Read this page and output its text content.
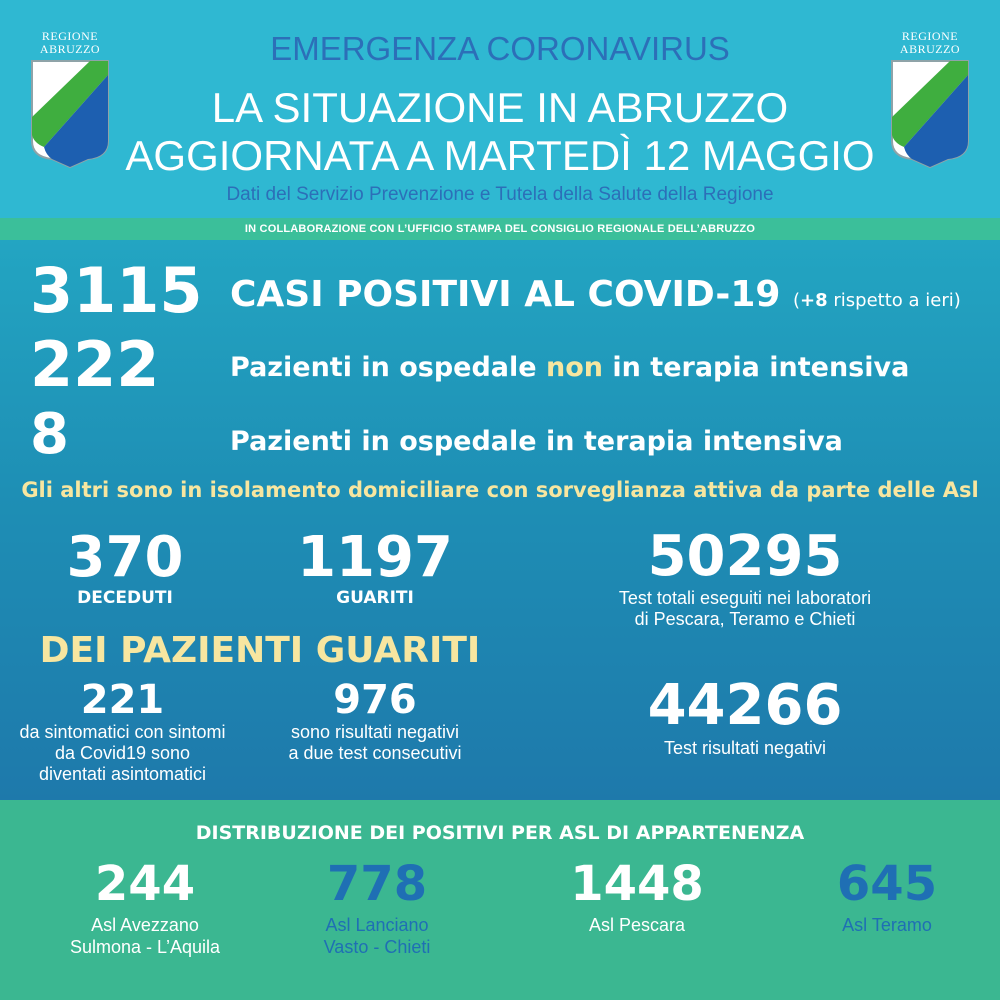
REGIONE
ABRUZZO
REGIONE
ABRUZZO
EMERGENZA CORONAVIRUS
LA SITUAZIONE IN ABRUZZO
AGGIORNATA A MARTEDÌ 12 MAGGIO
Dati del Servizio Prevenzione e Tutela della Salute della Regione
IN COLLABORAZIONE CON L’UFFICIO STAMPA DEL CONSIGLIO REGIONALE DELL’ABRUZZO
3115 CASI POSITIVI AL COVID-19 (+8 rispetto a ieri)
222	Pazienti in ospedale non in terapia intensiva
8	Pazienti in ospedale in terapia intensiva
Gli altri sono in isolamento domiciliare con sorveglianza attiva da parte delle Asl
370
DECEDUTI
1197
GUARITI
50295
Test totali eseguiti nei laboratori
di Pescara, Teramo e Chieti
DEI PAZIENTI GUARITI
221
da sintomatici con sintomi
da Covid19 sono
diventati asintomatici
976
sono risultati negativi
a due test consecutivi
44266
Test risultati negativi
DISTRIBUZIONE DEI POSITIVI PER ASL DI APPARTENENZA
244
Asl Avezzano
Sulmona - L’Aquila
778
Asl Lanciano
Vasto - Chieti
1448
Asl Pescara
645
Asl Teramo
